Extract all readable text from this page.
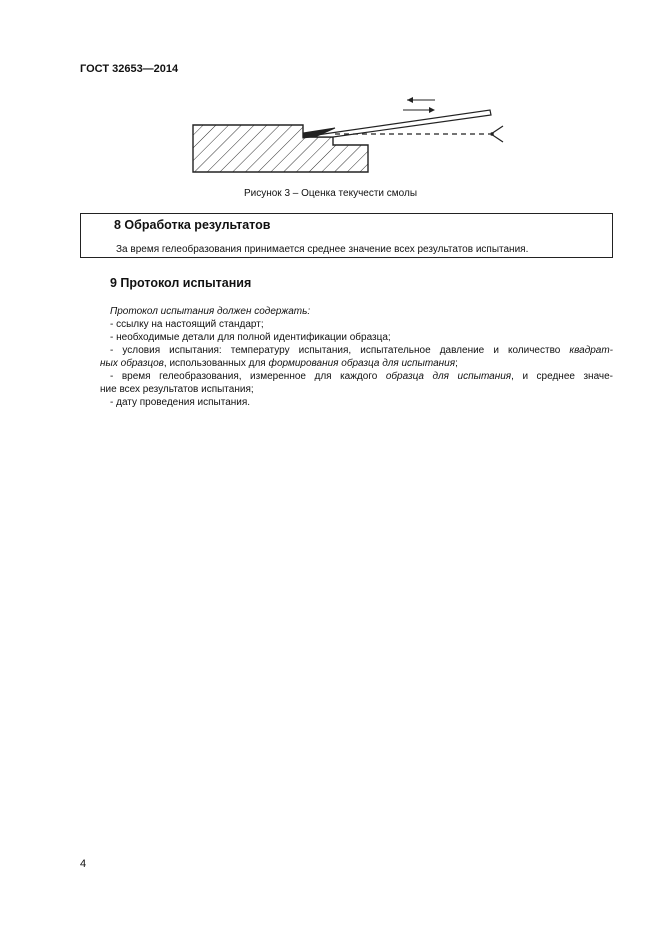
ГОСТ 32653—2014
Рисунок 3 – Оценка текучести смолы
8 Обработка результатов
За время гелеобразования принимается среднее значение всех результатов испытания.
9 Протокол испытания

Протокол испытания должен содержать:

- ссылку на настоящий стандарт;

- необходимые детали для полной идентификации образца;

- условия испытания: температуру испытания, испытательное давление и количество квадрат-

ных образцов, использованных для формирования образца для испытания;

- время гелеобразования, измеренное для каждого образца для испытания, и среднее значе-

ние всех результатов испытания;

- дату проведения испытания.

4
